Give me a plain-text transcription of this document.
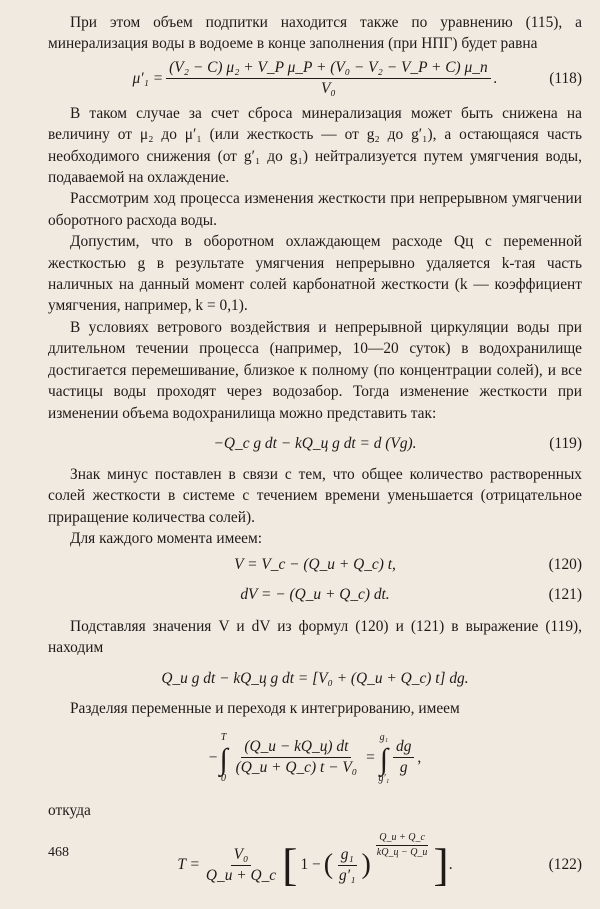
При этом объем подпитки находится также по уравнению (115), а минерализация воды в водоеме в конце заполнения (при НПГ) будет равна

$\mu'_1 = \frac{\text{(V₂ − C) μ₂ + V\_P μ\_P + (V₀ − V₂ − V\_P + C) μ\_п}}{\text{V₀}}$ .	(118)

В таком случае за счет сброса минерализация может быть снижена на величину от μ₂ до μ′₁ (или жесткость — от g₂ до g′₁), а остающаяся часть необходимого снижения (от g′₁ до g₁) нейтрализуется путем умягчения воды, подаваемой на охлаждение.

Рассмотрим ход процесса изменения жесткости при непрерывном умягчении оборотного расхода воды.

Допустим, что в оборотном охлаждающем расходе Qц с переменной жесткостью g в результате умягчения непрерывно удаляется k-тая часть наличных на данный момент солей карбонатной жесткости (k — коэффициент умягчения, например, k = 0,1).

В условиях ветрового воздействия и непрерывной циркуляции воды при длительном течении процесса (например, 10—20 суток) в водохранилище достигается перемешивание, близкое к полному (по концентрации солей), и все частицы воды проходят через водозабор. Тогда изменение жесткости при изменении объема водохранилища можно представить так:

−Q_c g dt − kQ_ц g dt = d (Vg).	(119)

Знак минус поставлен в связи с тем, что общее количество растворенных солей жесткости в системе с течением времени уменьшается (отрицательное приращение количества солей).

Для каждого момента имеем:

V = V_c − (Q_и + Q_c) t,	(120)
dV = − (Q_и + Q_c) dt.	(121)

Подставляя значения V и dV из формул (120) и (121) в выражение (119), находим

Q_и g dt − kQ_ц g dt = [V₀ + (Q_и + Q_c) t] dg.

Разделяя переменные и переходя к интегрированию, имеем

−
T
∫
0
$\frac{(Q\_и - kQ\_ц) dt}{\text{(Q\_и + Q\_c) t − V₀}}$ =
g₁
∫
g′₁
$\frac{dg}{g}$ ,

откуда

$T = \frac{\text{V₀}}{Q\_и + Q\_c}$ [ 1 − ( $\frac{\text{g₁}}{\text{g′₁}}$ )
$\frac{Q\_и + Q\_c}{kQ\_ц - Q\_и}$ ] .	(122)
468
